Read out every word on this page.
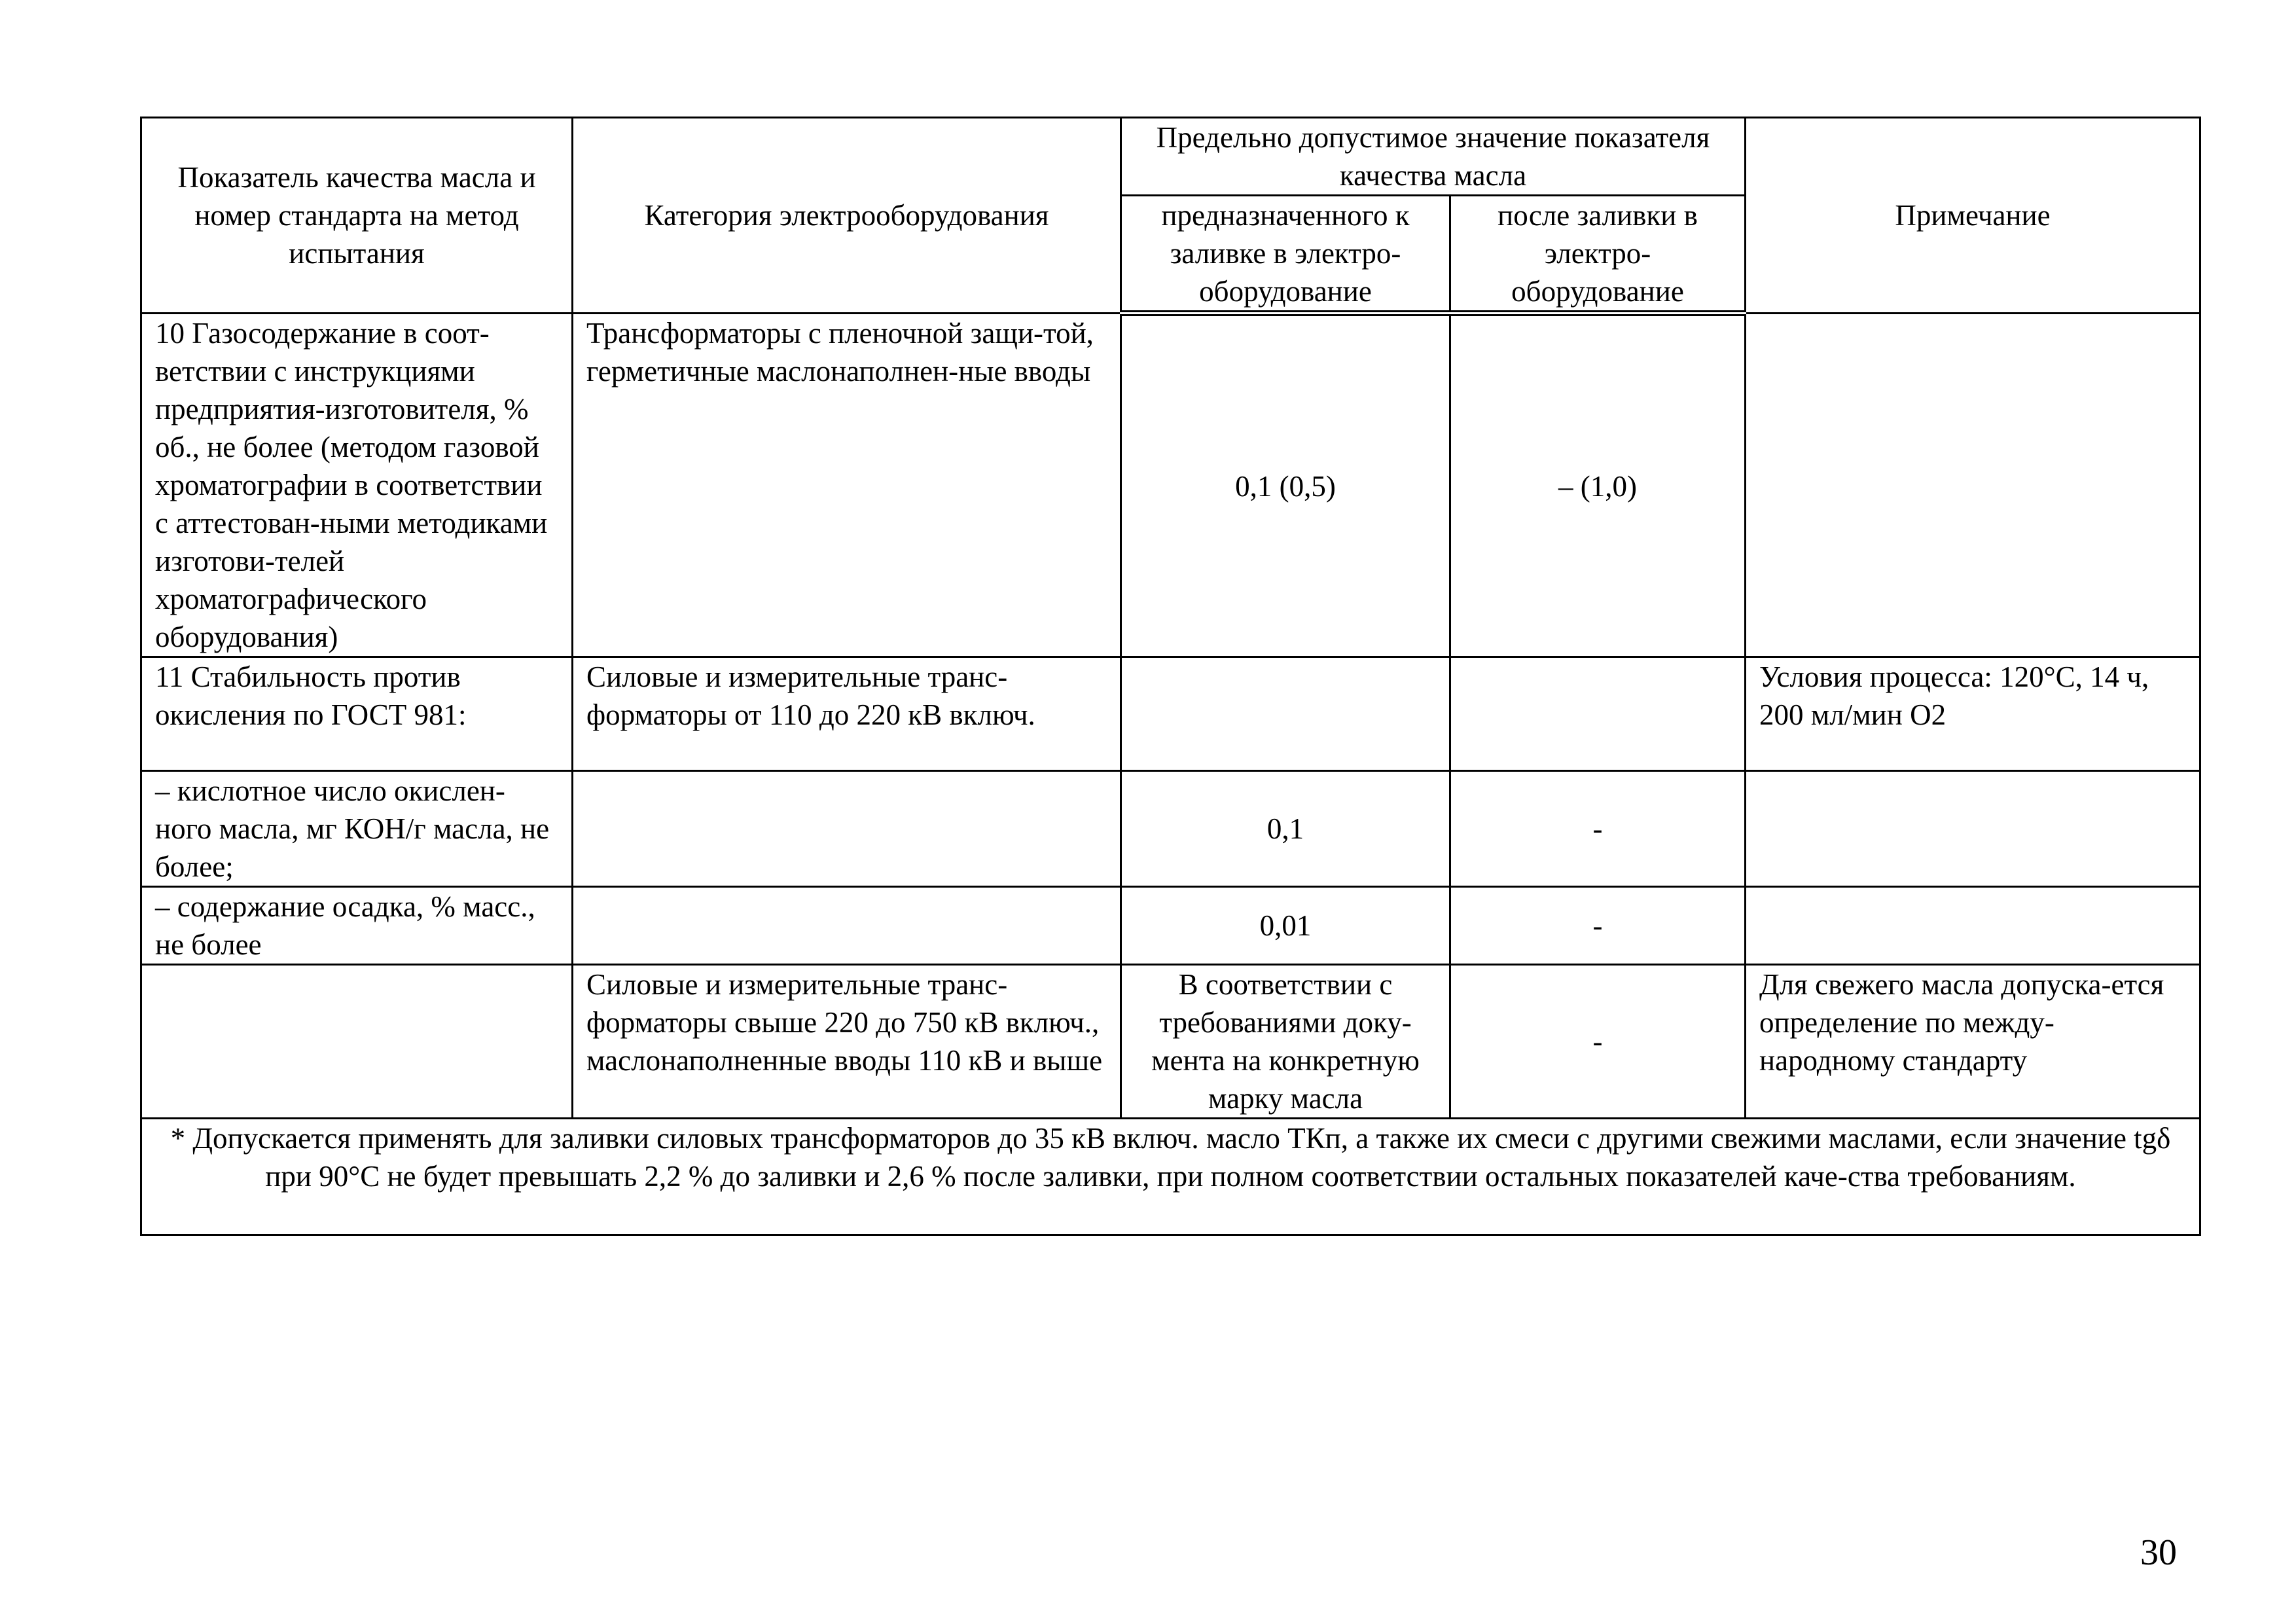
Показатель качества масла и номер стандарта на метод испытания	Категория электрооборудования	Предельно допустимое значение показателя качества масла		Примечание
		предназначенного к заливке в электро-оборудование	после заливки в электро-оборудование	
10 Газосодержание в соот-ветствии с инструкциями предприятия-изготовителя, % об., не более (методом газовой хроматографии в соответствии с аттестован-ными методиками изготови-телей хроматографического оборудования)	Трансформаторы с пленочной защи-той, герметичные маслонаполнен-ные вводы	0,1 (0,5)	– (1,0)	
11 Стабильность против окисления по ГОСТ 981:	Силовые и измерительные транс-форматоры от 110 до 220 кВ включ.			Условия процесса: 120°С, 14 ч, 200 мл/мин О2
– кислотное число окислен-ного масла, мг КОН/г масла, не более;		0,1	-	
– содержание осадка, % масс., не более		0,01	-	
	Силовые и измерительные транс-форматоры свыше 220 до 750 кВ включ., маслонаполненные вводы 110 кВ и выше	В соответствии с требованиями доку-мента на конкретную марку масла	-	Для свежего масла допуска-ется определение по между-народному стандарту
* Допускается применять для заливки силовых трансформаторов до 35 кВ включ. масло ТКп, а также их смеси с другими свежими маслами, если значение tgδ при 90°С не будет превышать 2,2 % до заливки и 2,6 % после заливки, при полном соответствии остальных показателей каче-ства требованиям.				
30
